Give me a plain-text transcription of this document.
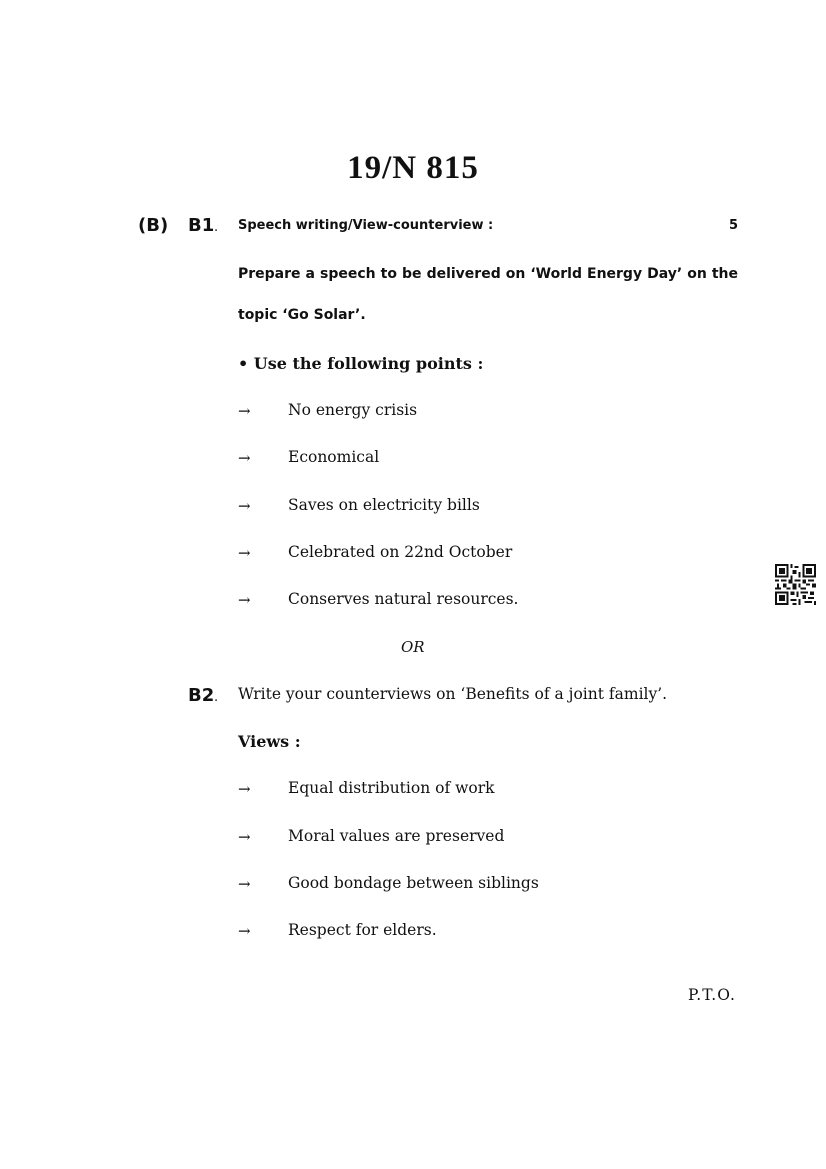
19/N 815
(B) B1 . Speech writing/View-counterview :	5
Prepare a speech to be delivered on ‘World Energy Day’ on the
topic ‘Go Solar’.
• Use the following points :
→ No energy crisis
→ Economical
→ Saves on electricity bills
→ Celebrated on 22nd October
→ Conserves natural resources.
OR
B2 . Write your counterviews on ‘Benefits of a joint family’.
Views :
→ Equal distribution of work
→ Moral values are preserved
→ Good bondage between siblings
→ Respect for elders.
P.T.O.
